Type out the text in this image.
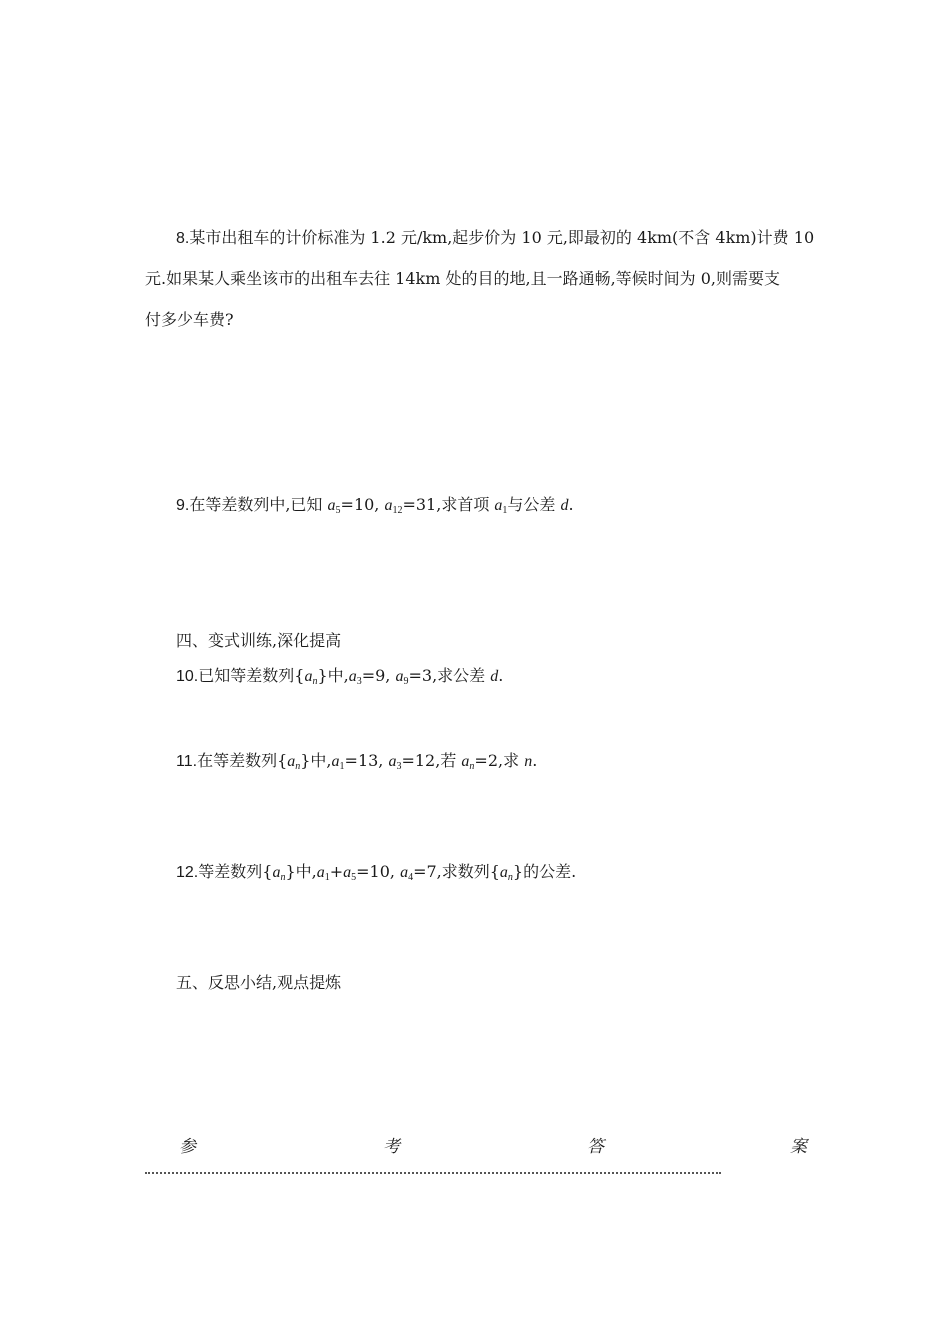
8.某市出租车的计价标准为 1.2 元/km,起步价为 10 元,即最初的 4km(不含 4km)计费 10
元.如果某人乘坐该市的出租车去往 14km 处的目的地,且一路通畅,等候时间为 0,则需要支
付多少车费?
9.在等差数列中,已知 $a_5=10$, $a_{12}=31$,求首项 $a_1$与公差 d.
四、变式训练,深化提高
10.已知等差数列$\{a_n\}$中$,a_3=9$, $a_9=3$,求公差 d.
11.在等差数列$\{a_n\}$中$,a_1=13$, $a_3=12$,若 $a_n=2$,求 n.
12.等差数列$\{a_n\}$中$,a_1+a_5=10$, $a_4=7$,求数列$\{a_n\}$的公差.
五、反思小结,观点提炼
参	考	答	案
